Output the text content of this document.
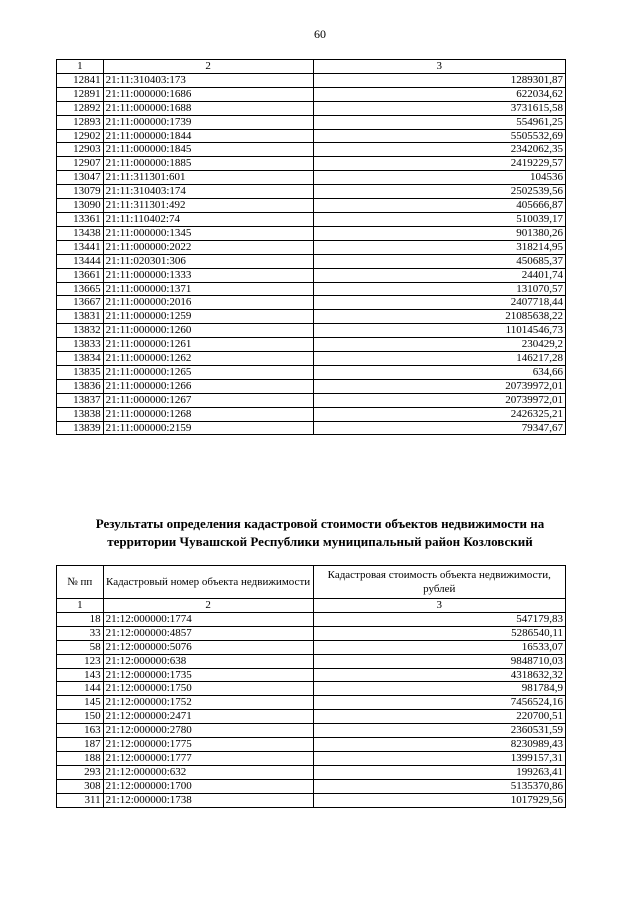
60
1	2	3
12841	21:11:310403:173	1289301,87
12891	21:11:000000:1686	622034,62
12892	21:11:000000:1688	3731615,58
12893	21:11:000000:1739	554961,25
12902	21:11:000000:1844	5505532,69
12903	21:11:000000:1845	2342062,35
12907	21:11:000000:1885	2419229,57
13047	21:11:311301:601	104536
13079	21:11:310403:174	2502539,56
13090	21:11:311301:492	405666,87
13361	21:11:110402:74	510039,17
13438	21:11:000000:1345	901380,26
13441	21:11:000000:2022	318214,95
13444	21:11:020301:306	450685,37
13661	21:11:000000:1333	24401,74
13665	21:11:000000:1371	131070,57
13667	21:11:000000:2016	2407718,44
13831	21:11:000000:1259	21085638,22
13832	21:11:000000:1260	11014546,73
13833	21:11:000000:1261	230429,2
13834	21:11:000000:1262	146217,28
13835	21:11:000000:1265	634,66
13836	21:11:000000:1266	20739972,01
13837	21:11:000000:1267	20739972,01
13838	21:11:000000:1268	2426325,21
13839	21:11:000000:2159	79347,67
Результаты определения кадастровой стоимости объектов недвижимости на
территории Чувашской Республики муниципальный район Козловский
№ пп	Кадастровый номер объекта недвижимости	Кадастровая стоимость объекта недвижимости, рублей
1	2	3
18	21:12:000000:1774	547179,83
33	21:12:000000:4857	5286540,11
58	21:12:000000:5076	16533,07
123	21:12:000000:638	9848710,03
143	21:12:000000:1735	4318632,32
144	21:12:000000:1750	981784,9
145	21:12:000000:1752	7456524,16
150	21:12:000000:2471	220700,51
163	21:12:000000:2780	2360531,59
187	21:12:000000:1775	8230989,43
188	21:12:000000:1777	1399157,31
293	21:12:000000:632	199263,41
308	21:12:000000:1700	5135370,86
311	21:12:000000:1738	1017929,56
